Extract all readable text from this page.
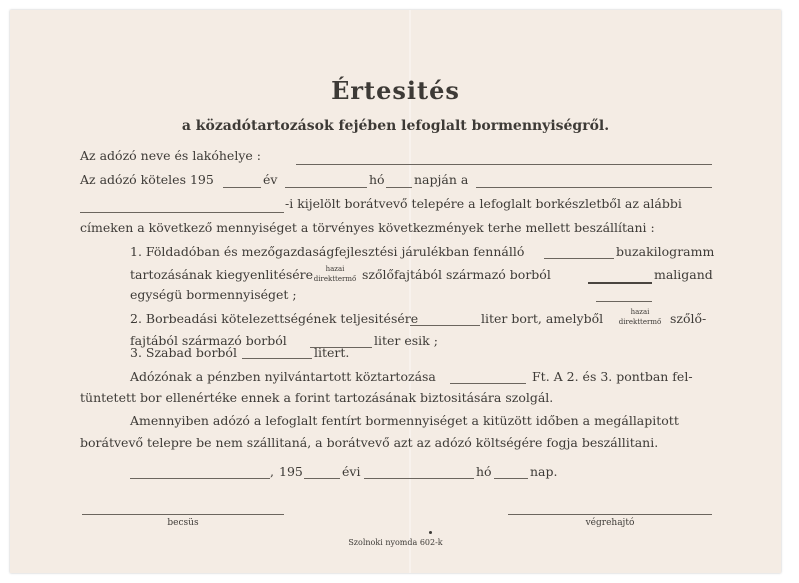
Értesités
a közadótartozások fejében lefoglalt bormennyiségről.
Az adózó neve és lakóhelye :
Az adózó köteles 195	év	hó napján a
-i kijelölt borátvevő telepére a lefoglalt borkészletből az alábbi
címeken a következő mennyiséget a törvényes következmények terhe mellett beszállítani :
1. Földadóban és mezőgazdaságfejlesztési járulékban fennálló	buzakilogramm
tartozásának kiegyenlitésére	hazai
direkttermő szőlőfajtából származó borból	maligand
egységü bormennyiséget ;
2. Borbeadási kötelezettségének teljesitésére	liter bort, amelyből	hazai
direkttermő szőlő-
fajtából származó borból	liter esik ;
3. Szabad borból	litert.
Adózónak a pénzben nyilvántartott köztartozása	Ft. A 2. és 3. pontban fel-
tüntetett bor ellenértéke ennek a forint tartozásának biztositására szolgál.
Amennyiben adózó a lefoglalt fentírt bormennyiséget a kitüzött időben a megállapitott
borátvevő telepre be nem szállitaná, a borátvevő azt az adózó költségére fogja beszállitani.
, 195	évi	hó	nap.
becsüs	végrehajtó
Szolnoki nyomda 602-k
